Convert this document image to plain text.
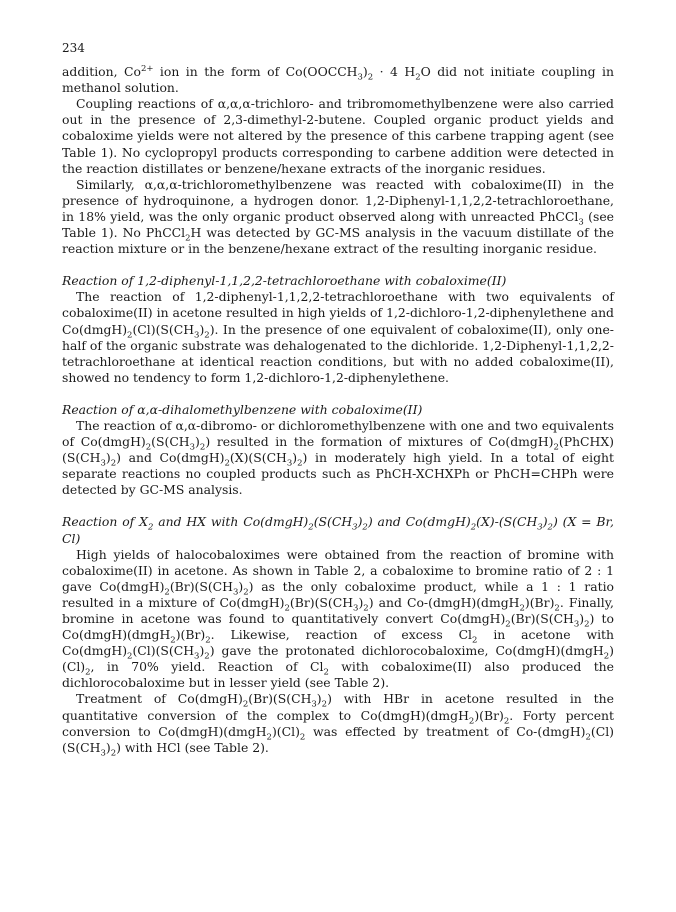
234

addition, $Co^{2+}$ ion in the form of $Co(OOCCH_3)_2 \cdot 4$ $H_2O$ did not initiate coupling in methanol solution.

Coupling reactions of α,α,α-trichloro- and tribromomethylbenzene were also carried out in the presence of 2,3-dimethyl-2-butene. Coupled organic product yields and cobaloxime yields were not altered by the presence of this carbene trapping agent (see Table 1). No cyclopropyl products corresponding to carbene addition were detected in the reaction distillates or benzene/hexane extracts of the inorganic residues.

Similarly, α,α,α-trichloromethylbenzene was reacted with cobaloxime(II) in the presence of hydroquinone, a hydrogen donor. 1,2-Diphenyl-1,1,2,2-tetrachloroethane, in 18% yield, was the only organic product observed along with unreacted PhCCl$_3$ (see Table 1). No PhCCl$_2$H was detected by GC-MS analysis in the vacuum distillate of the reaction mixture or in the benzene/hexane extract of the resulting inorganic residue.

Reaction of 1,2-diphenyl-1,1,2,2-tetrachloroethane with cobaloxime(II)

The reaction of 1,2-diphenyl-1,1,2,2-tetrachloroethane with two equivalents of cobaloxime(II) in acetone resulted in high yields of 1,2-dichloro-1,2-diphenylethene and $Co(dmgH)_2(Cl)(S(CH_3)_2)$. In the presence of one equivalent of cobaloxime(II), only one-half of the organic substrate was dehalogenated to the dichloride. 1,2-Diphenyl-1,1,2,2-tetrachloroethane at identical reaction conditions, but with no added cobaloxime(II), showed no tendency to form 1,2-dichloro-1,2-diphenylethene.

Reaction of α,α-dihalomethylbenzene with cobaloxime(II)

The reaction of α,α-dibromo- or dichloromethylbenzene with one and two equivalents of $Co(dmgH)_2(S(CH_3)_2)$ resulted in the formation of mixtures of $Co(dmgH)_2(PhCHX)(S(CH_3)_2)$ and $Co(dmgH)_2(X)(S(CH_3)_2)$ in moderately high yield. In a total of eight separate reactions no coupled products such as PhCH-XCHXPh or PhCH=CHPh were detected by GC-MS analysis.

Reaction of $X_2$ and HX with $Co(dmgH)_2(S(CH_3)_2)$ and $Co(dmgH)_2(X)-(S(CH_3)_2) (X = Br$, Cl)

High yields of halocobaloximes were obtained from the reaction of bromine with cobaloxime(II) in acetone. As shown in Table 2, a cobaloxime to bromine ratio of 2 : 1 gave $Co(dmgH)_2(Br)(S(CH_3)_2)$ as the only cobaloxime product, while a 1 : 1 ratio resulted in a mixture of $Co(dmgH)_2(Br)(S(CH_3)_2)$ and $Co-(dmgH)(dmgH_2)(Br)_2$. Finally, bromine in acetone was found to quantitatively convert $Co(dmgH)_2(Br)(S(CH_3)_2)$ to $Co(dmgH)(dmgH_2)(Br)_2$. Likewise, reaction of excess $Cl_2$ in acetone with $Co(dmgH)_2(Cl)(S(CH_3)_2)$ gave the protonated dichlorocobaloxime, $Co(dmgH)(dmgH_2)(Cl)_2$, in 70% yield. Reaction of $Cl_2$ with cobaloxime(II) also produced the dichlorocobaloxime but in lesser yield (see Table 2).

Treatment of $Co(dmgH)_2(Br)(S(CH_3)_2)$ with HBr in acetone resulted in the quantitative conversion of the complex to $Co(dmgH)(dmgH_2)(Br)_2$. Forty percent conversion to $Co(dmgH)(dmgH_2)(Cl)_2$ was effected by treatment of $Co-(dmgH)_2(Cl)(S(CH_3)_2)$ with HCl (see Table 2).
